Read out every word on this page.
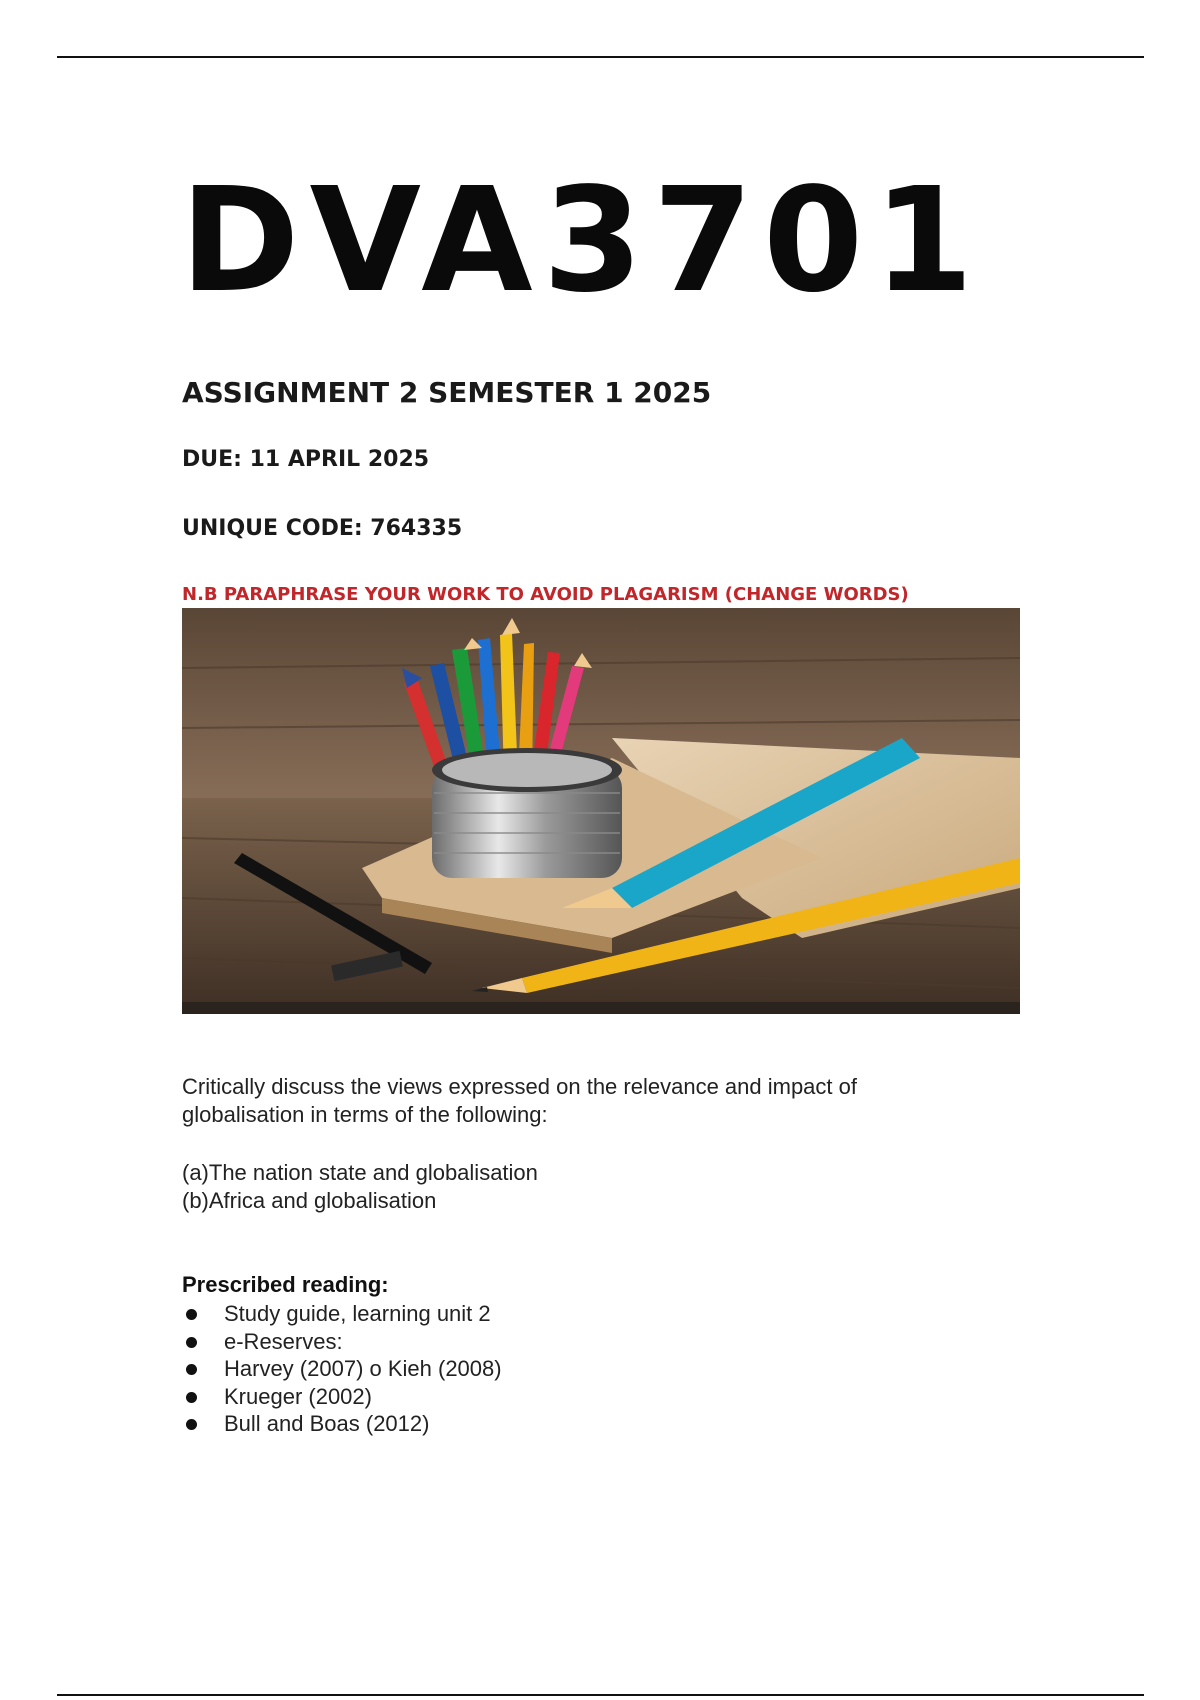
DVA3701
ASSIGNMENT 2 SEMESTER 1 2025
DUE: 11 APRIL 2025
UNIQUE CODE: 764335
N.B PARAPHRASE YOUR WORK TO AVOID PLAGARISM (CHANGE WORDS)
Critically discuss the views expressed on the relevance and impact of globalisation in terms of the following:
(a)The nation state and globalisation
(b)Africa and globalisation
Prescribed reading:
Study guide, learning unit 2
e-Reserves:
Harvey (2007) o Kieh (2008)
Krueger (2002)
Bull and Boas (2012)
